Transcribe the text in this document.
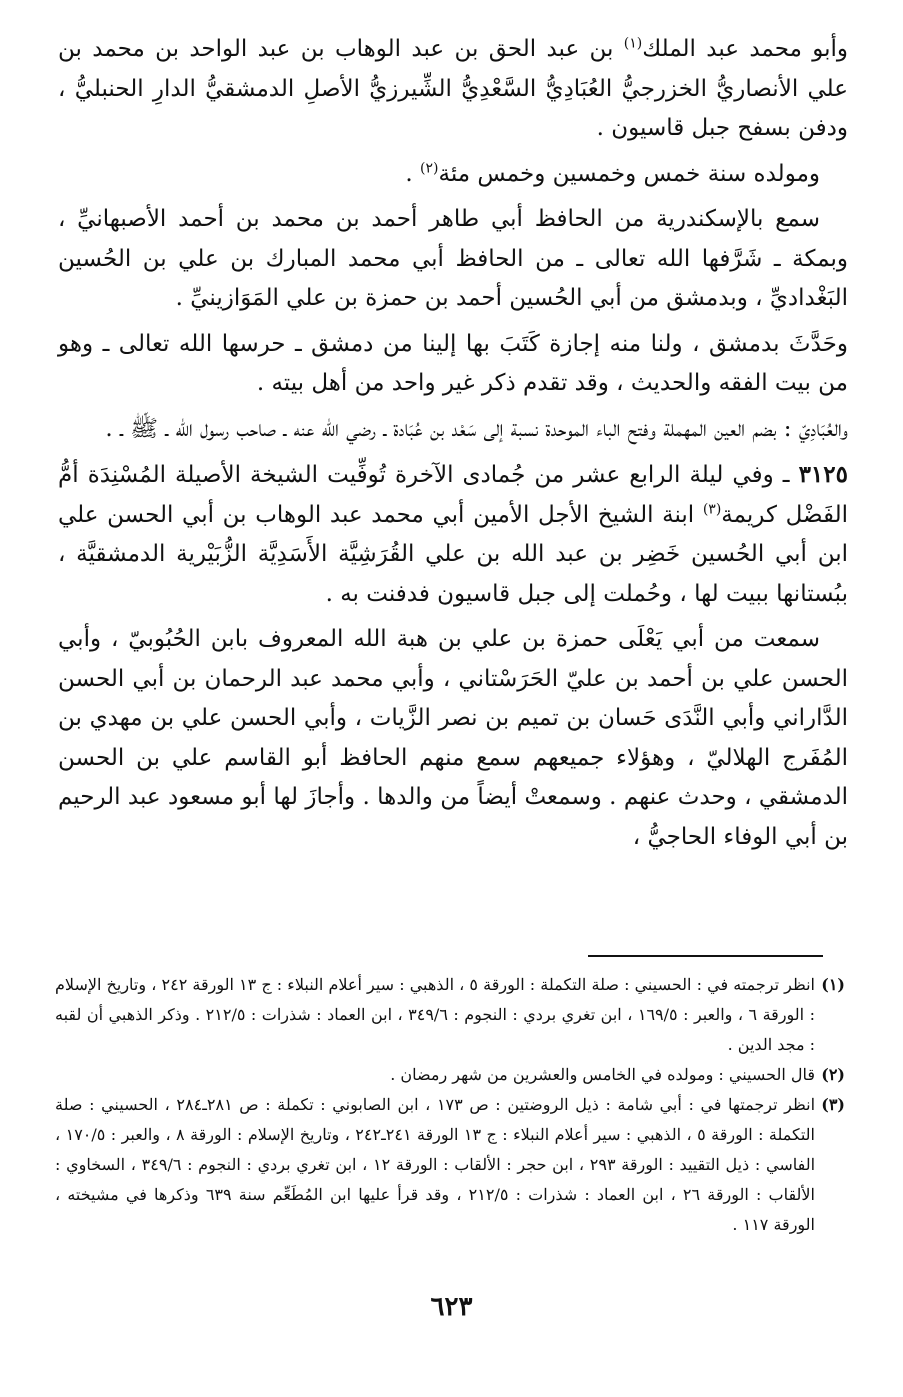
وأبو محمد عبد الملك$^{(١)}$ بن عبد الحق بن عبد الوهاب بن عبد الواحد بن محمد بن علي الأنصاريُّ الخزرجيُّ العُبَادِيُّ السَّعْدِيُّ الشِّيرزيُّ الأصلِ الدمشقيُّ الدارِ الحنبليُّ ، ودفن بسفح جبل قاسيون .

ومولده سنة خمس وخمسين وخمس مئة$^{(٢)}$ .

سمع بالإسكندرية من الحافظ أبي طاهر أحمد بن محمد بن أحمد الأصبهانيِّ ، وبمكة ـ شَرَّفها الله تعالى ـ من الحافظ أبي محمد المبارك بن علي بن الحُسين البَغْداديِّ ، وبدمشق من أبي الحُسين أحمد بن حمزة بن علي المَوَازينيِّ .

وحَدَّثَ بدمشق ، ولنا منه إجازة كَتَبَ بها إلينا من دمشق ـ حرسها الله تعالى ـ وهو من بيت الفقه والحديث ، وقد تقدم ذكر غير واحد من أهل بيته .

والعُبَادِيّ : بضم العين المهملة وفتح الباء الموحدة نسبة إلى سَعْد بن عُبَادة ـ رضي الله عنه ـ صاحب رسول الله ـ ﷺ ـ .

٣١٢٥ ـ وفي ليلة الرابع عشر من جُمادى الآخرة تُوفِّيت الشيخة الأصيلة المُسْنِدَة أمُّ الفَضْل كريمة$^{(٣)}$ ابنة الشيخ الأجل الأمين أبي محمد عبد الوهاب بن أبي الحسن علي ابن أبي الحُسين خَضِر بن عبد الله بن علي القُرَشِيَّة الأَسَدِيَّة الزُّبَيْرية الدمشقيَّة ، ببُستانها ببيت لها ، وحُملت إلى جبل قاسيون فدفنت به .

سمعت من أبي يَعْلَى حمزة بن علي بن هبة الله المعروف بابن الحُبُوبيّ ، وأبي الحسن علي بن أحمد بن عليّ الحَرَسْتاني ، وأبي محمد عبد الرحمان بن أبي الحسن الدَّاراني وأبي النَّدَى حَسان بن تميم بن نصر الزَّيات ، وأبي الحسن علي بن مهدي بن المُفَرج الهلاليّ ، وهؤلاء جميعهم سمع منهم الحافظ أبو القاسم علي بن الحسن الدمشقي ، وحدث عنهم . وسمعتْ أيضاً من والدها . وأجازَ لها أبو مسعود عبد الرحيم بن أبي الوفاء الحاجيُّ ،

(١)
انظر ترجمته في : الحسيني : صلة التكملة : الورقة ٥ ، الذهبي : سير أعلام النبلاء : ج ١٣ الورقة ٢٤٢ ، وتاريخ الإسلام : الورقة ٦ ، والعبر : ١٦٩/٥ ، ابن تغري بردي : النجوم : ٣٤٩/٦ ، ابن العماد : شذرات : ٢١٢/٥ . وذكر الذهبي أن لقبه : مجد الدين .

(٢)
قال الحسيني : ومولده في الخامس والعشرين من شهر رمضان .

(٣)
انظر ترجمتها في : أبي شامة : ذيل الروضتين : ص ١٧٣ ، ابن الصابوني : تكملة : ص ٢٨١ـ٢٨٤ ، الحسيني : صلة التكملة : الورقة ٥ ، الذهبي : سير أعلام النبلاء : ج ١٣ الورقة ٢٤١ـ٢٤٢ ، وتاريخ الإسلام : الورقة ٨ ، والعبر : ١٧٠/٥ ، الفاسي : ذيل التقييد : الورقة ٢٩٣ ، ابن حجر : الألقاب : الورقة ١٢ ، ابن تغري بردي : النجوم : ٣٤٩/٦ ، السخاوي : الألقاب : الورقة ٢٦ ، ابن العماد : شذرات : ٢١٢/٥ ، وقد قرأ عليها ابن المُطَعِّم سنة ٦٣٩ وذكرها في مشيخته ، الورقة ١١٧ .

٦٢٣
